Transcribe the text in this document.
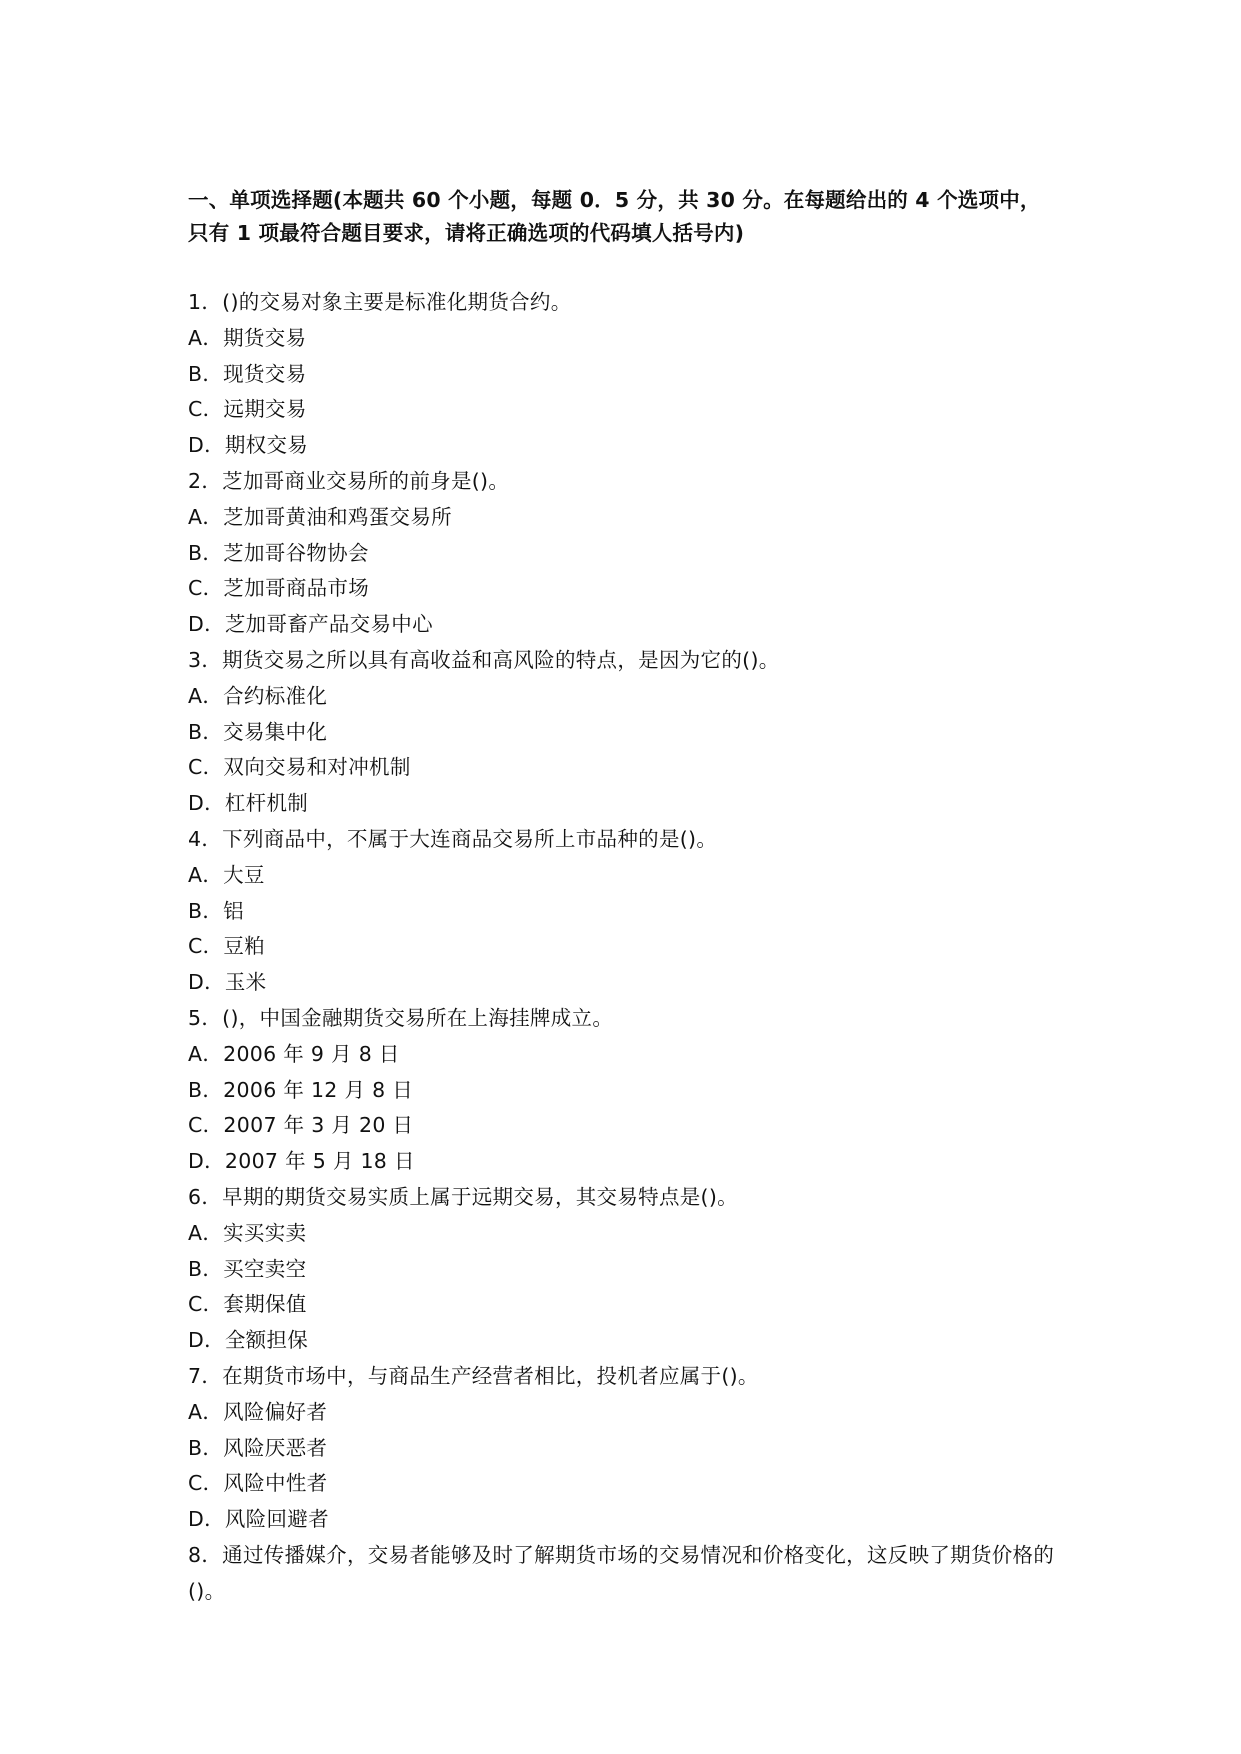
一、单项选择题(本题共 60 个小题，每题 0．5 分，共 30 分。在每题给出的 4 个选项中，只有 1 项最符合题目要求，请将正确选项的代码填人括号内)
1．()的交易对象主要是标准化期货合约。
A．期货交易
B．现货交易
C．远期交易
D．期权交易
2．芝加哥商业交易所的前身是()。
A．芝加哥黄油和鸡蛋交易所
B．芝加哥谷物协会
C．芝加哥商品市场
D．芝加哥畜产品交易中心
3．期货交易之所以具有高收益和高风险的特点，是因为它的()。
A．合约标准化
B．交易集中化
C．双向交易和对冲机制
D．杠杆机制
4．下列商品中，不属于大连商品交易所上市品种的是()。
A．大豆
B．铝
C．豆粕
D．玉米
5．()，中国金融期货交易所在上海挂牌成立。
A．2006 年 9 月 8 日
B．2006 年 12 月 8 日
C．2007 年 3 月 20 日
D．2007 年 5 月 18 日
6．早期的期货交易实质上属于远期交易，其交易特点是()。
A．实买实卖
B．买空卖空
C．套期保值
D．全额担保
7．在期货市场中，与商品生产经营者相比，投机者应属于()。
A．风险偏好者
B．风险厌恶者
C．风险中性者
D．风险回避者
8．通过传播媒介，交易者能够及时了解期货市场的交易情况和价格变化，这反映了期货价格的()。
